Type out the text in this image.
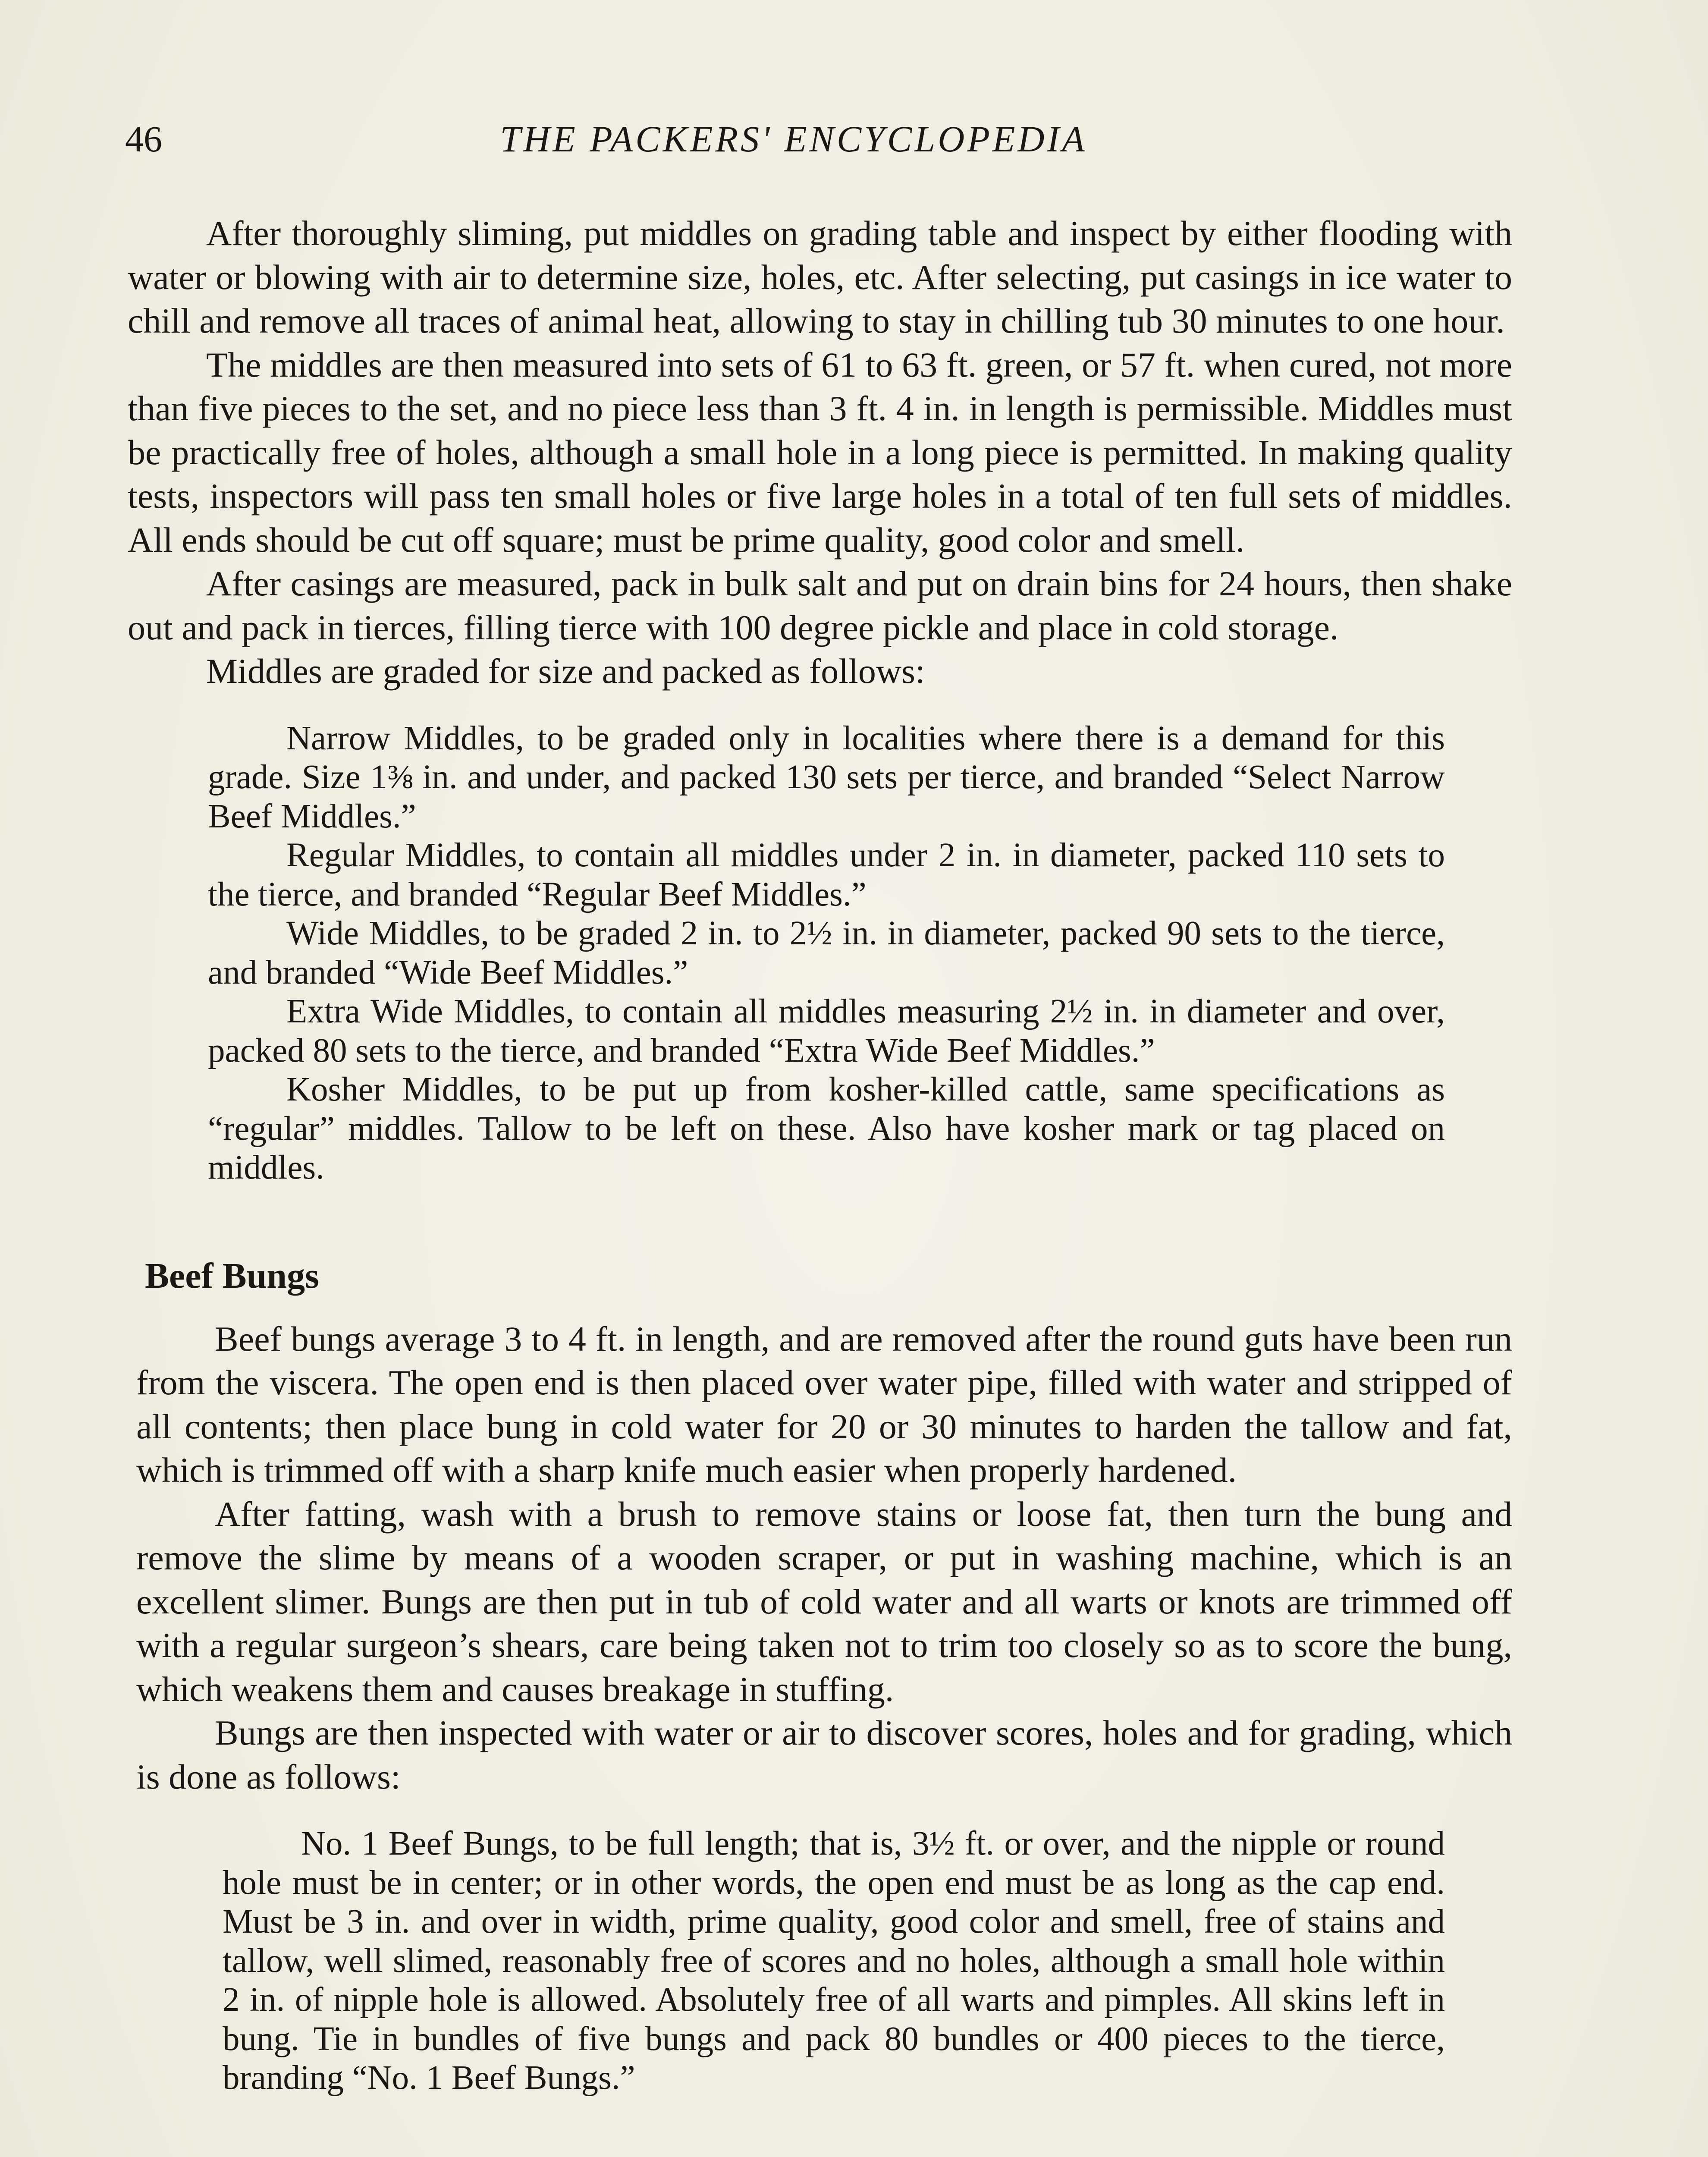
46	THE PACKERS' ENCYCLOPEDIA

After thoroughly sliming, put middles on grading table and inspect by either flooding with water or blowing with air to determine size, holes, etc. After selecting, put casings in ice water to chill and remove all traces of animal heat, allowing to stay in chilling tub 30 minutes to one hour.

The middles are then measured into sets of 61 to 63 ft. green, or 57 ft. when cured, not more than five pieces to the set, and no piece less than 3 ft. 4 in. in length is permissible. Middles must be practically free of holes, although a small hole in a long piece is permitted. In making quality tests, inspectors will pass ten small holes or five large holes in a total of ten full sets of middles. All ends should be cut off square; must be prime quality, good color and smell.

After casings are measured, pack in bulk salt and put on drain bins for 24 hours, then shake out and pack in tierces, filling tierce with 100 degree pickle and place in cold storage.

Middles are graded for size and packed as follows:

Narrow Middles, to be graded only in localities where there is a demand for this grade. Size 1⅜ in. and under, and packed 130 sets per tierce, and branded “Select Narrow Beef Middles.”

Regular Middles, to contain all middles under 2 in. in diameter, packed 110 sets to the tierce, and branded “Regular Beef Middles.”

Wide Middles, to be graded 2 in. to 2½ in. in diameter, packed 90 sets to the tierce, and branded “Wide Beef Middles.”

Extra Wide Middles, to contain all middles measuring 2½ in. in diameter and over, packed 80 sets to the tierce, and branded “Extra Wide Beef Middles.”

Kosher Middles, to be put up from kosher-killed cattle, same specifications as “regular” middles. Tallow to be left on these. Also have kosher mark or tag placed on middles.

Beef Bungs

Beef bungs average 3 to 4 ft. in length, and are removed after the round guts have been run from the viscera. The open end is then placed over water pipe, filled with water and stripped of all contents; then place bung in cold water for 20 or 30 minutes to harden the tallow and fat, which is trimmed off with a sharp knife much easier when properly hardened.

After fatting, wash with a brush to remove stains or loose fat, then turn the bung and remove the slime by means of a wooden scraper, or put in washing machine, which is an excellent slimer. Bungs are then put in tub of cold water and all warts or knots are trimmed off with a regular surgeon’s shears, care being taken not to trim too closely so as to score the bung, which weakens them and causes breakage in stuffing.

Bungs are then inspected with water or air to discover scores, holes and for grading, which is done as follows:

No. 1 Beef Bungs, to be full length; that is, 3½ ft. or over, and the nipple or round hole must be in center; or in other words, the open end must be as long as the cap end. Must be 3 in. and over in width, prime quality, good color and smell, free of stains and tallow, well slimed, reasonably free of scores and no holes, although a small hole within 2 in. of nipple hole is allowed. Absolutely free of all warts and pimples. All skins left in bung. Tie in bundles of five bungs and pack 80 bundles or 400 pieces to the tierce, branding “No. 1 Beef Bungs.”
